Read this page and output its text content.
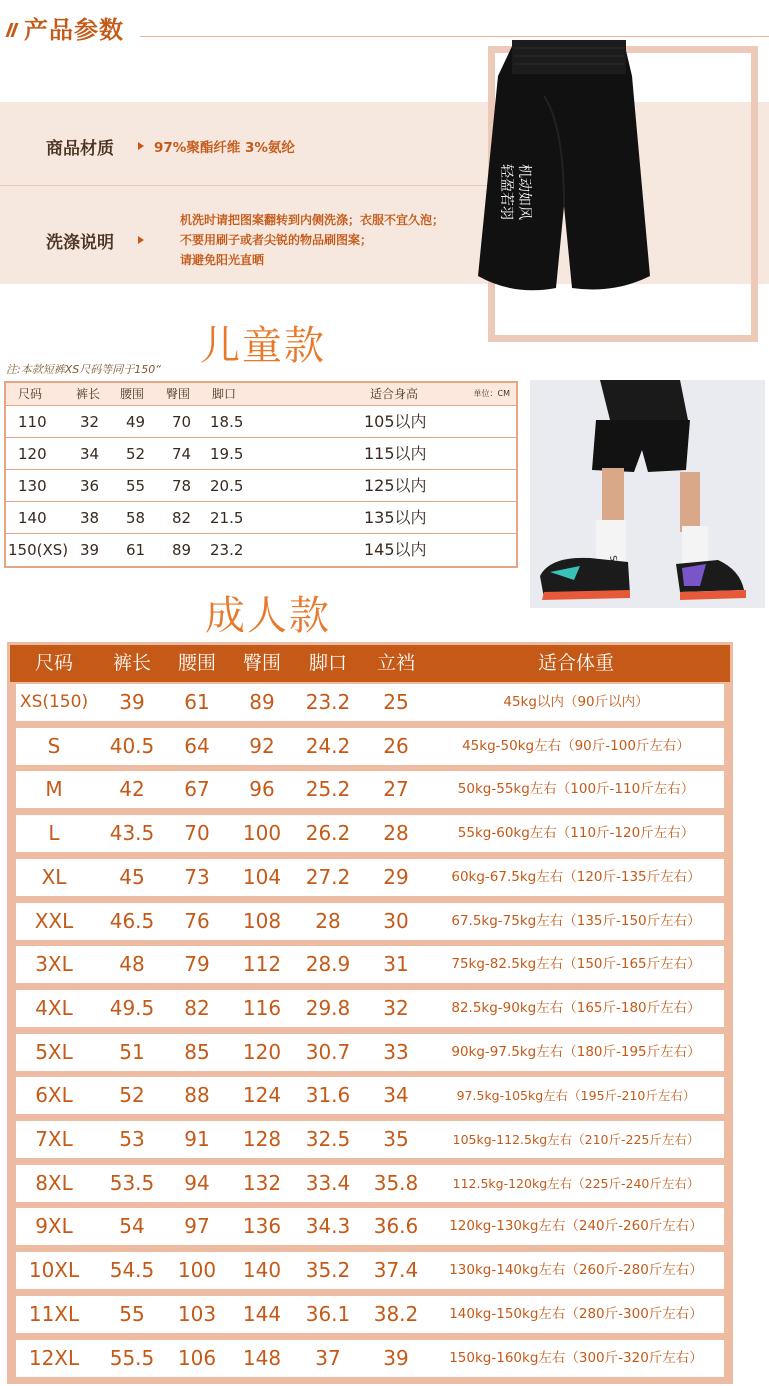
产品参数
商品材质	97%聚酯纤维 3%氨纶
洗涤说明
机洗时请把图案翻转到内侧洗涤；衣服不宜久泡；
不要用刷子或者尖锐的物品刷图案；
请避免阳光直晒
轻盈若羽 机动如风
儿童款
注:本款短裤XS尺码等同于150“
尺码	裤长 腰围 臀围 脚口	适合身高	单位：CM
110 32 49 70 18.5	105以内
120 34 52 74 19.5	115以内
130 36 55 78 20.5	125以内
140 38 58 82 21.5	135以内
150(XS) 39 61 89 23.2	145以内
成人款
尺码 裤长 腰围 臀围 脚口 立裆	适合体重
XS(150) 39 61 89 23.2 25	45kg以内（90斤以内）
S 40.5 64 92 24.2 26	45kg-50kg左右（90斤-100斤左右）
M	42 67 96 25.2 27	50kg-55kg左右（100斤-110斤左右）
L	43.5 70 100 26.2 28	55kg-60kg左右（110斤-120斤左右）
XL	45 73 104 27.2 29	60kg-67.5kg左右（120斤-135斤左右）
XXL 46.5 76 108 28 30	67.5kg-75kg左右（135斤-150斤左右）
3XL 48 79 112 28.9 31	75kg-82.5kg左右（150斤-165斤左右）
4XL 49.5 82 116 29.8 32	82.5kg-90kg左右（165斤-180斤左右）
5XL 51 85 120 30.7 33	90kg-97.5kg左右（180斤-195斤左右）
6XL 52 88 124 31.6 34	97.5kg-105kg左右（195斤-210斤左右）
7XL 53 91 128 32.5 35	105kg-112.5kg左右（210斤-225斤左右）
8XL 53.5 94 132 33.4 35.8	112.5kg-120kg左右（225斤-240斤左右）
9XL 54 97 136 34.3 36.6 120kg-130kg左右（240斤-260斤左右）
10XL 54.5 100 140 35.2 37.4 130kg-140kg左右（260斤-280斤左右）
11XL 55 103 144 36.1 38.2 140kg-150kg左右（280斤-300斤左右）
12XL 55.5 106 148 37 39	150kg-160kg左右（300斤-320斤左右）
